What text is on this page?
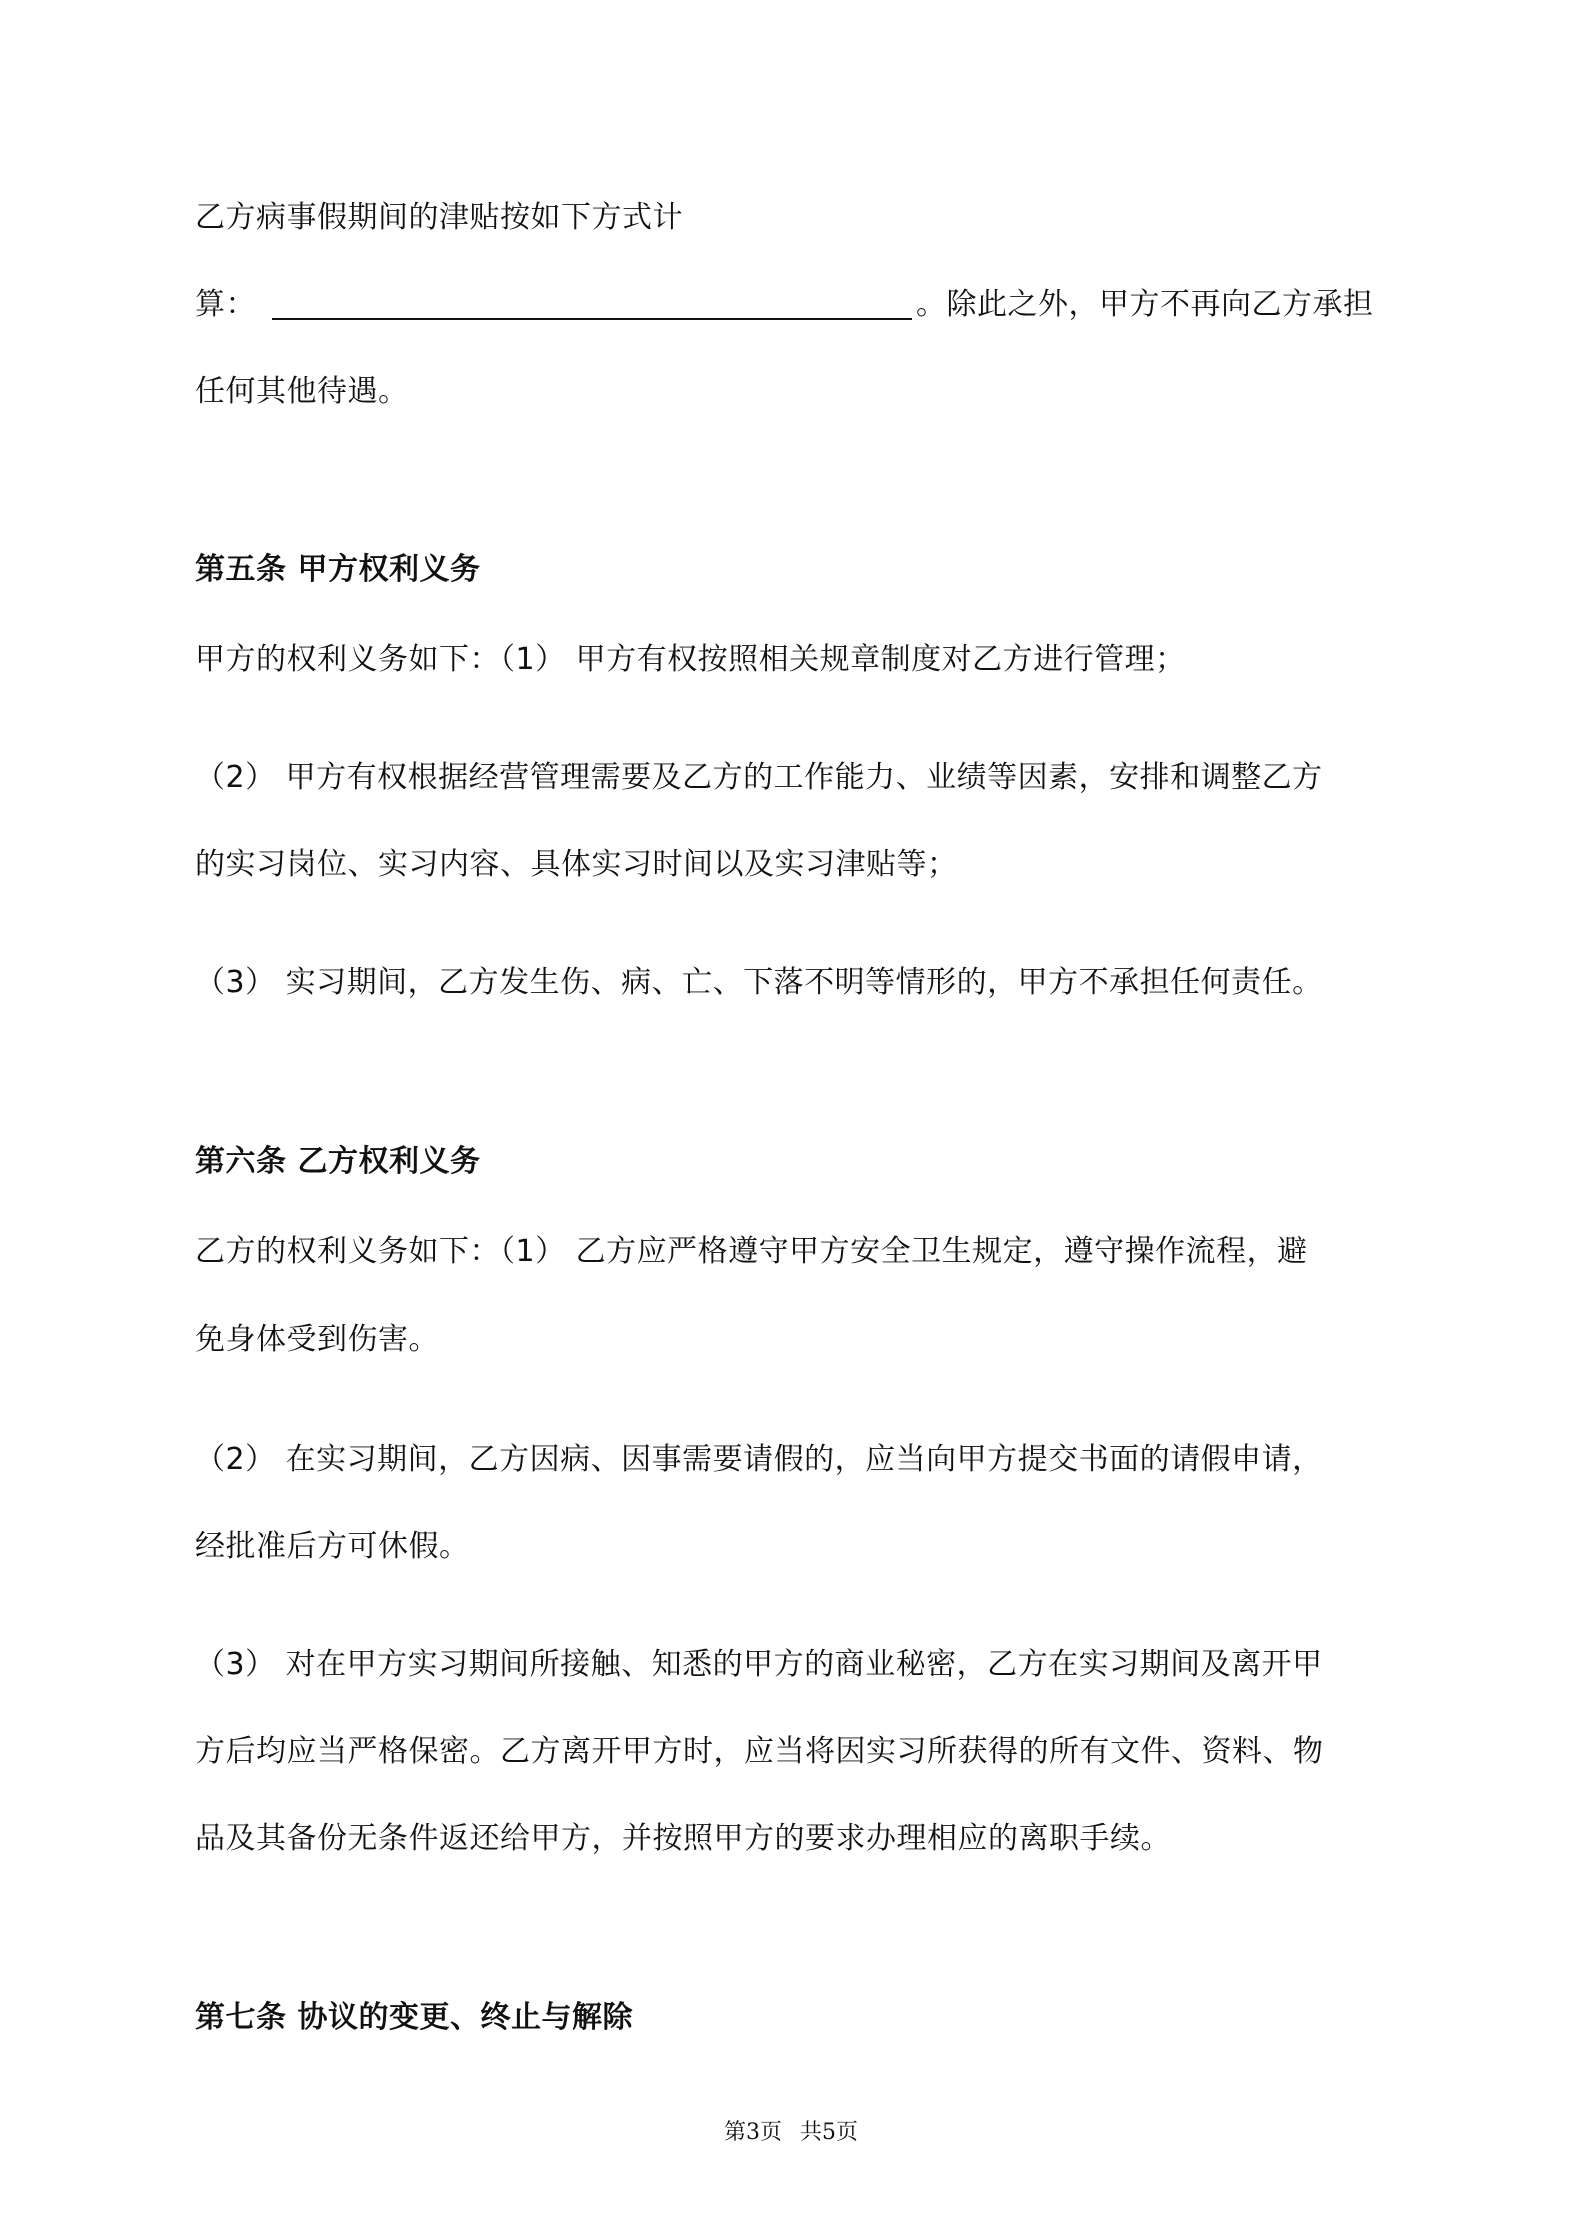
乙方病事假期间的津贴按如下方式计
算：	。除此之外，甲方不再向乙方承担
任何其他待遇。
第五条 甲方权利义务
甲方的权利义务如下：（1） 甲方有权按照相关规章制度对乙方进行管理；
（2） 甲方有权根据经营管理需要及乙方的工作能力、业绩等因素，安排和调整乙方
的实习岗位、实习内容、具体实习时间以及实习津贴等；
（3） 实习期间，乙方发生伤、病、亡、下落不明等情形的，甲方不承担任何责任。
第六条 乙方权利义务
乙方的权利义务如下：（1） 乙方应严格遵守甲方安全卫生规定，遵守操作流程，避
免身体受到伤害。
（2） 在实习期间，乙方因病、因事需要请假的，应当向甲方提交书面的请假申请，
经批准后方可休假。
（3） 对在甲方实习期间所接触、知悉的甲方的商业秘密，乙方在实习期间及离开甲
方后均应当严格保密。乙方离开甲方时，应当将因实习所获得的所有文件、资料、物
品及其备份无条件返还给甲方，并按照甲方的要求办理相应的离职手续。
第七条 协议的变更、终止与解除
第3页 共5页
